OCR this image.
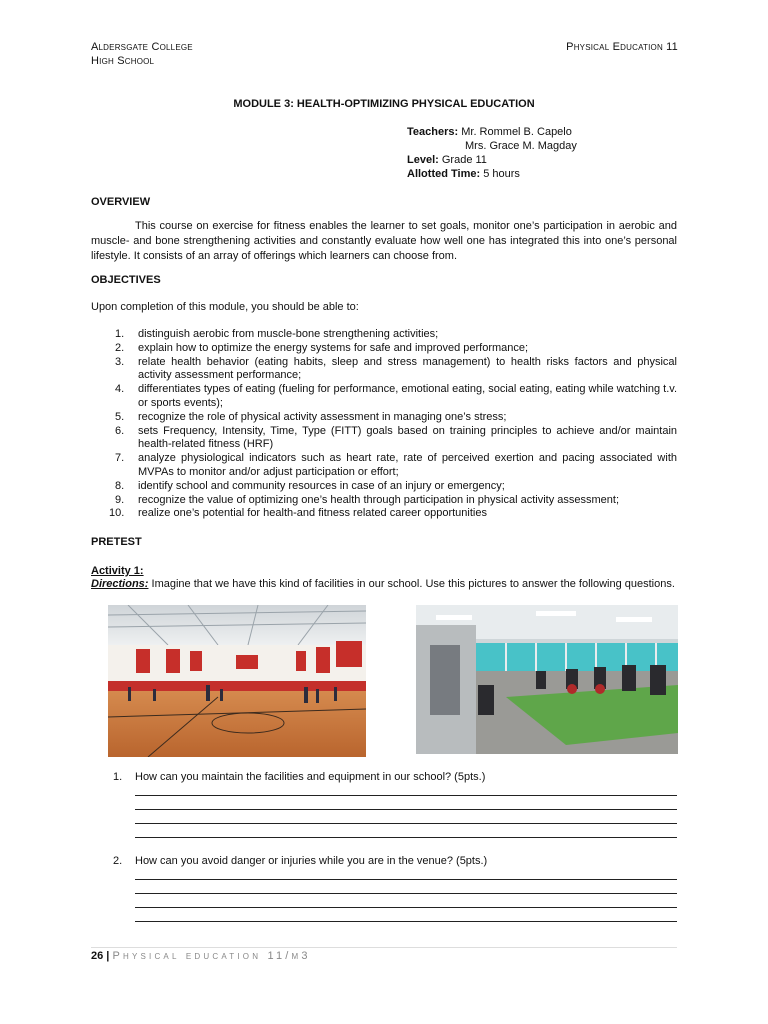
Aldersgate College
High School
Physical Education 11
MODULE 3: HEALTH-OPTIMIZING PHYSICAL EDUCATION
Teachers: Mr. Rommel B. Capelo
Mrs. Grace M. Magday
Level: Grade 11
Allotted Time: 5 hours
OVERVIEW
This course on exercise for fitness enables the learner to set goals, monitor one’s participation in aerobic and muscle- and bone strengthening activities and constantly evaluate how well one has integrated this into one’s personal lifestyle. It consists of an array of offerings which learners can choose from.
OBJECTIVES
Upon completion of this module, you should be able to:
1. distinguish aerobic from muscle-bone strengthening activities;
2. explain how to optimize the energy systems for safe and improved performance;
3. relate health behavior (eating habits, sleep and stress management) to health risks factors and physical activity assessment performance;
4. differentiates types of eating (fueling for performance, emotional eating, social eating, eating while watching t.v. or sports events);
5. recognize the role of physical activity assessment in managing one’s stress;
6. sets Frequency, Intensity, Time, Type (FITT) goals based on training principles to achieve and/or maintain health-related fitness (HRF)
7. analyze physiological indicators such as heart rate, rate of perceived exertion and pacing associated with MVPAs to monitor and/or adjust participation or effort;
8. identify school and community resources in case of an injury or emergency;
9. recognize the value of optimizing one’s health through participation in physical activity assessment;
10. realize one’s potential for health-and fitness related career opportunities
PRETEST
Activity 1:
Directions: Imagine that we have this kind of facilities in our school. Use this pictures to answer the following questions.
1.	How can you maintain the facilities and equipment in our school? (5pts.)
2.	How can you avoid danger or injuries while you are in the venue? (5pts.)
26 | Physical education 11/m3
